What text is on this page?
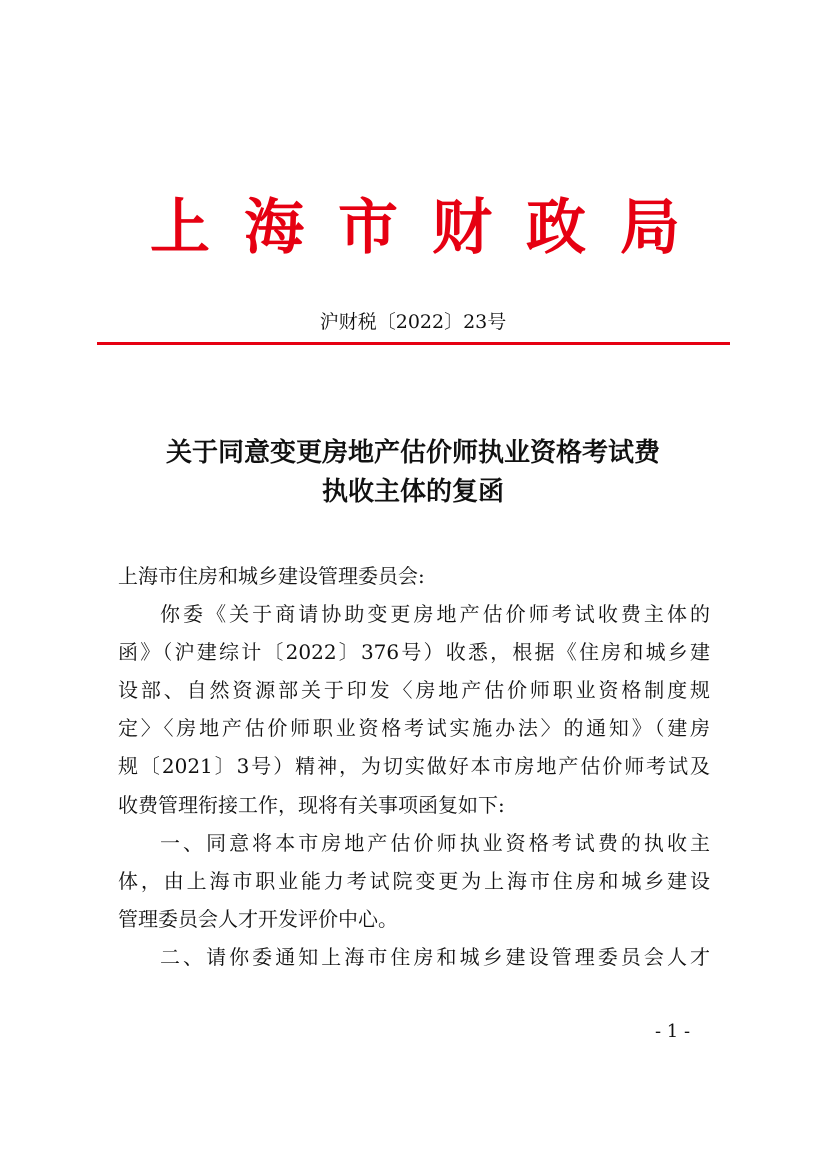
上海市财政局
沪财税〔2022〕23号
关于同意变更房地产估价师执业资格考试费
执收主体的复函
上海市住房和城乡建设管理委员会:
你委《关于商请协助变更房地产估价师考试收费主体的
函》（沪建综计〔2022〕376号）收悉，根据《住房和城乡建
设部、自然资源部关于印发〈房地产估价师职业资格制度规
定〉〈房地产估价师职业资格考试实施办法〉的通知》（建房
规〔2021〕3号）精神，为切实做好本市房地产估价师考试及
收费管理衔接工作，现将有关事项函复如下:
一、同意将本市房地产估价师执业资格考试费的执收主
体，由上海市职业能力考试院变更为上海市住房和城乡建设
管理委员会人才开发评价中心。
二、请你委通知上海市住房和城乡建设管理委员会人才
- 1 -
